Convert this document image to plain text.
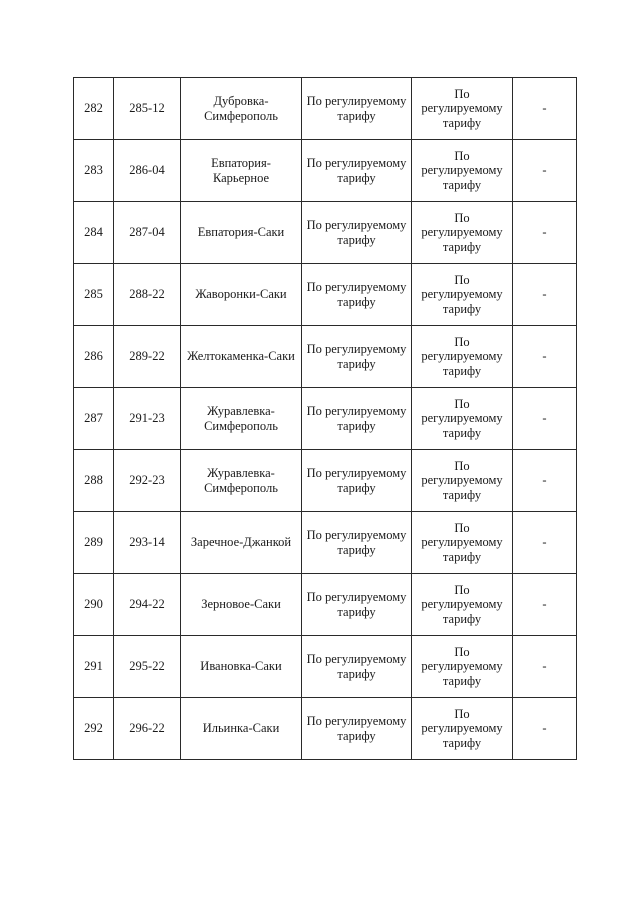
282	285-12	Дубровка-
Симферополь	По регулируемому
тарифу	По
регулируемому
тарифу	-
283	286-04	Евпатория-
Карьерное	По регулируемому
тарифу	По
регулируемому
тарифу	-
284	287-04	Евпатория-Саки	По регулируемому
тарифу	По
регулируемому
тарифу	-
285	288-22	Жаворонки-Саки	По регулируемому
тарифу	По
регулируемому
тарифу	-
286	289-22	Желтокаменка-Саки	По регулируемому
тарифу	По
регулируемому
тарифу	-
287	291-23	Журавлевка-
Симферополь	По регулируемому
тарифу	По
регулируемому
тарифу	-
288	292-23	Журавлевка-
Симферополь	По регулируемому
тарифу	По
регулируемому
тарифу	-
289	293-14	Заречное-Джанкой	По регулируемому
тарифу	По
регулируемому
тарифу	-
290	294-22	Зерновое-Саки	По регулируемому
тарифу	По
регулируемому
тарифу	-
291	295-22	Ивановка-Саки	По регулируемому
тарифу	По
регулируемому
тарифу	-
292	296-22	Ильинка-Саки	По регулируемому
тарифу	По
регулируемому
тарифу	-
